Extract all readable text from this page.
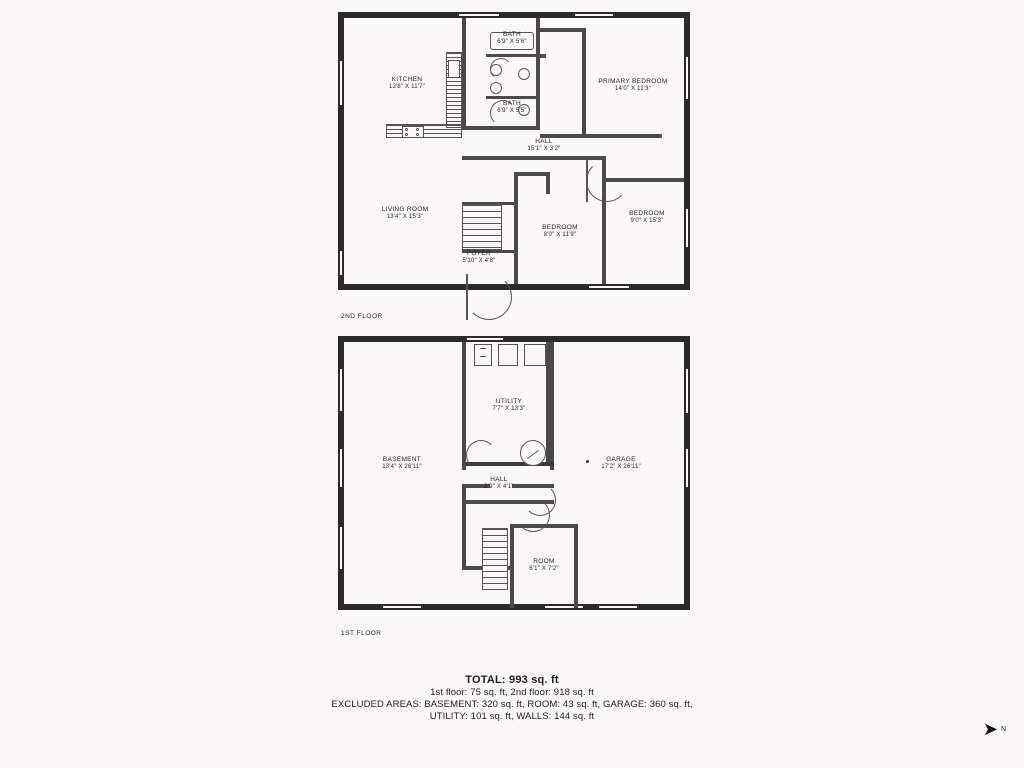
KITCHEN
12'8" X 11'7"
BATH
6'9" X 5'6"
BATH
6'9" X 5'5"
PRIMARY BEDROOM
14'0" X 11'3"
HALL
15'1" X 3'2"
LIVING ROOM
13'4" X 15'3"
BEDROOM
8'0" X 11'9"
BEDROOM
9'0" X 15'3"
FOYER
5'10" X 4'8"
2ND FLOOR
BASEMENT
13'4" X 26'11"
UTILITY
7'7" X 13'3"
GARAGE
17'2" X 26'11"
HALL
2'9" X 4'1"
ROOM
6'1" X 7'2"
1ST FLOOR
TOTAL: 993 sq. ft
1st floor: 75 sq. ft, 2nd floor: 918 sq. ft
EXCLUDED AREAS: BASEMENT: 320 sq. ft, ROOM: 43 sq. ft, GARAGE: 360 sq. ft,
UTILITY: 101 sq. ft, WALLS: 144 sq. ft
➤ N
